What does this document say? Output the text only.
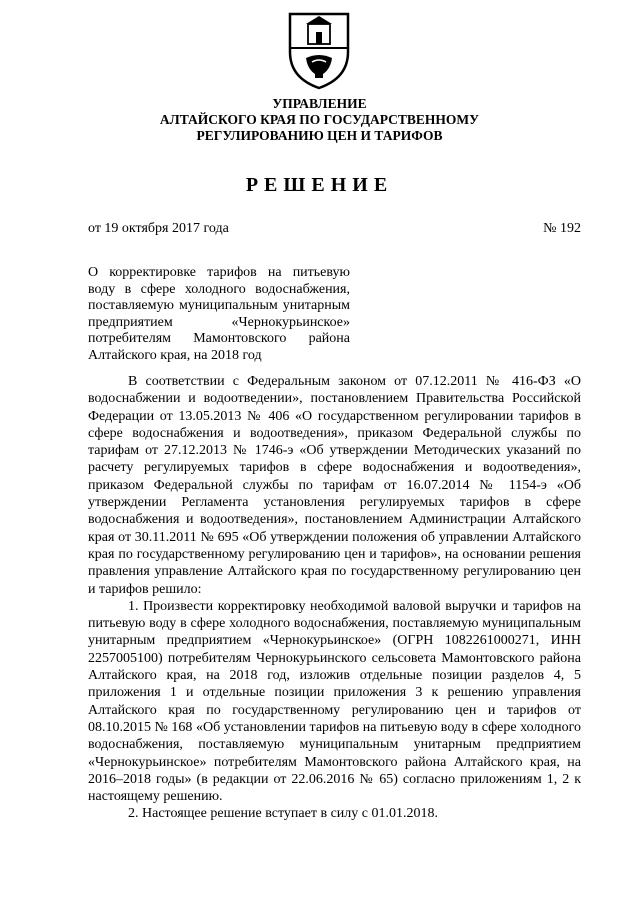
УПРАВЛЕНИЕ
АЛТАЙСКОГО КРАЯ ПО ГОСУДАРСТВЕННОМУ
РЕГУЛИРОВАНИЮ ЦЕН И ТАРИФОВ
РЕШЕНИЕ
от 19 октября 2017 года	№ 192
О корректировке тарифов на питьевую воду в сфере холодного водоснабжения, поставляемую муниципальным унитарным предприятием «Чернокурьинское» потребителям Мамонтовского района Алтайского края, на 2018 год

В соответствии с Федеральным законом от 07.12.2011 № 416-ФЗ «О водоснабжении и водоотведении», постановлением Правительства Российской Федерации от 13.05.2013 № 406 «О государственном регулировании тарифов в сфере водоснабжения и водоотведения», приказом Федеральной службы по тарифам от 27.12.2013 № 1746-э «Об утверждении Методических указаний по расчету регулируемых тарифов в сфере водоснабжения и водоотведения», приказом Федеральной службы по тарифам от 16.07.2014 № 1154-э «Об утверждении Регламента установления регулируемых тарифов в сфере водоснабжения и водоотведения», постановлением Администрации Алтайского края от 30.11.2011 № 695 «Об утверждении положения об управлении Алтайского края по государственному регулированию цен и тарифов», на основании решения правления управление Алтайского края по государственному регулированию цен и тарифов решило:

1. Произвести корректировку необходимой валовой выручки и тарифов на питьевую воду в сфере холодного водоснабжения, поставляемую муниципальным унитарным предприятием «Чернокурьинское» (ОГРН 1082261000271, ИНН 2257005100) потребителям Чернокурьинского сельсовета Мамонтовского района Алтайского края, на 2018 год, изложив отдельные позиции разделов 4, 5 приложения 1 и отдельные позиции приложения 3 к решению управления Алтайского края по государственному регулированию цен и тарифов от 08.10.2015 № 168 «Об установлении тарифов на питьевую воду в сфере холодного водоснабжения, поставляемую муниципальным унитарным предприятием «Чернокурьинское» потребителям Мамонтовского района Алтайского края, на 2016–2018 годы» (в редакции от 22.06.2016 № 65) согласно приложениям 1, 2 к настоящему решению.

2. Настоящее решение вступает в силу с 01.01.2018.
